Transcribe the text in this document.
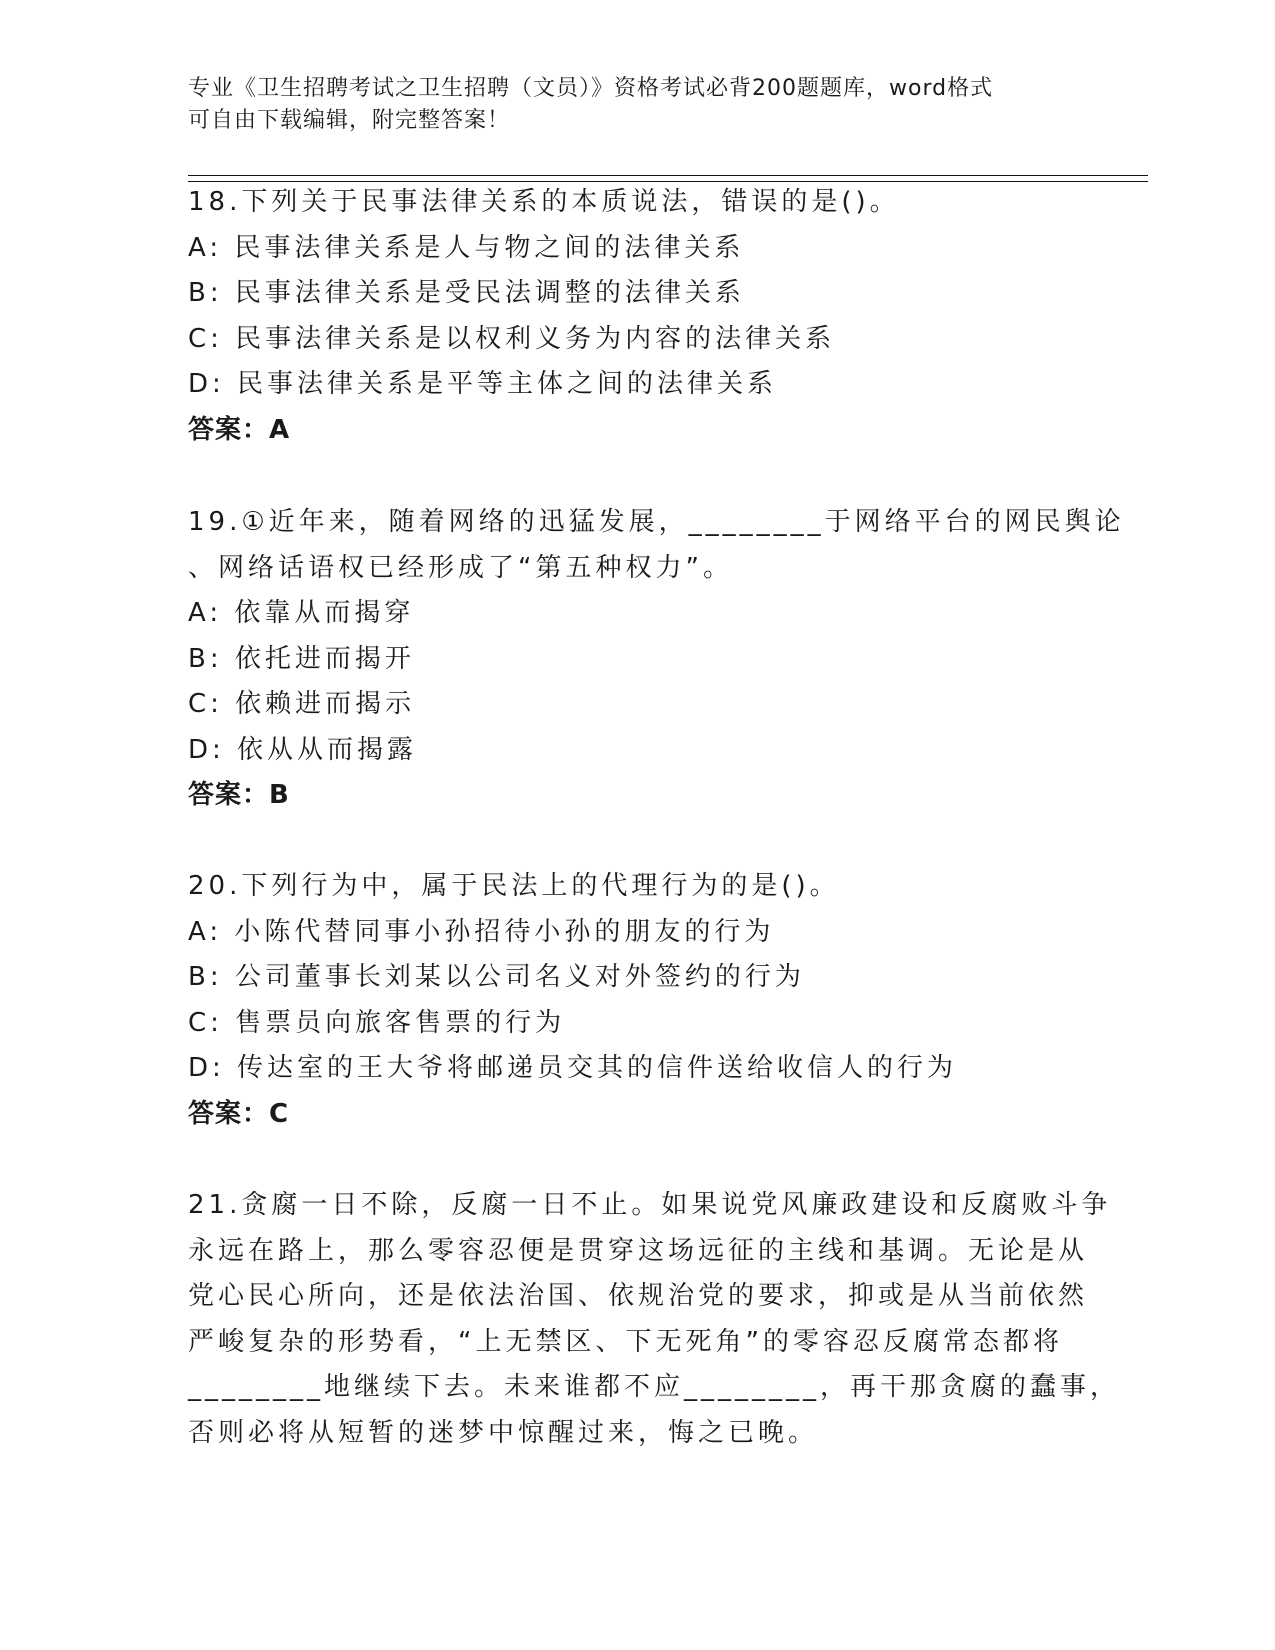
专业《卫生招聘考试之卫生招聘（文员）》资格考试必背200题题库，word格式
可自由下载编辑，附完整答案！
18.下列关于民事法律关系的本质说法，错误的是()。
A: 民事法律关系是人与物之间的法律关系
B: 民事法律关系是受民法调整的法律关系
C: 民事法律关系是以权利义务为内容的法律关系
D: 民事法律关系是平等主体之间的法律关系
答案：A
19.①近年来，随着网络的迅猛发展，________于网络平台的网民舆论
、网络话语权已经形成了“第五种权力”。
A: 依靠从而揭穿
B: 依托进而揭开
C: 依赖进而揭示
D: 依从从而揭露
答案：B
20.下列行为中，属于民法上的代理行为的是()。
A: 小陈代替同事小孙招待小孙的朋友的行为
B: 公司董事长刘某以公司名义对外签约的行为
C: 售票员向旅客售票的行为
D: 传达室的王大爷将邮递员交其的信件送给收信人的行为
答案：C
21.贪腐一日不除，反腐一日不止。如果说党风廉政建设和反腐败斗争
永远在路上，那么零容忍便是贯穿这场远征的主线和基调。无论是从
党心民心所向，还是依法治国、依规治党的要求，抑或是从当前依然
严峻复杂的形势看，“上无禁区、下无死角”的零容忍反腐常态都将
________地继续下去。未来谁都不应________，再干那贪腐的蠢事，
否则必将从短暂的迷梦中惊醒过来，悔之已晚。
